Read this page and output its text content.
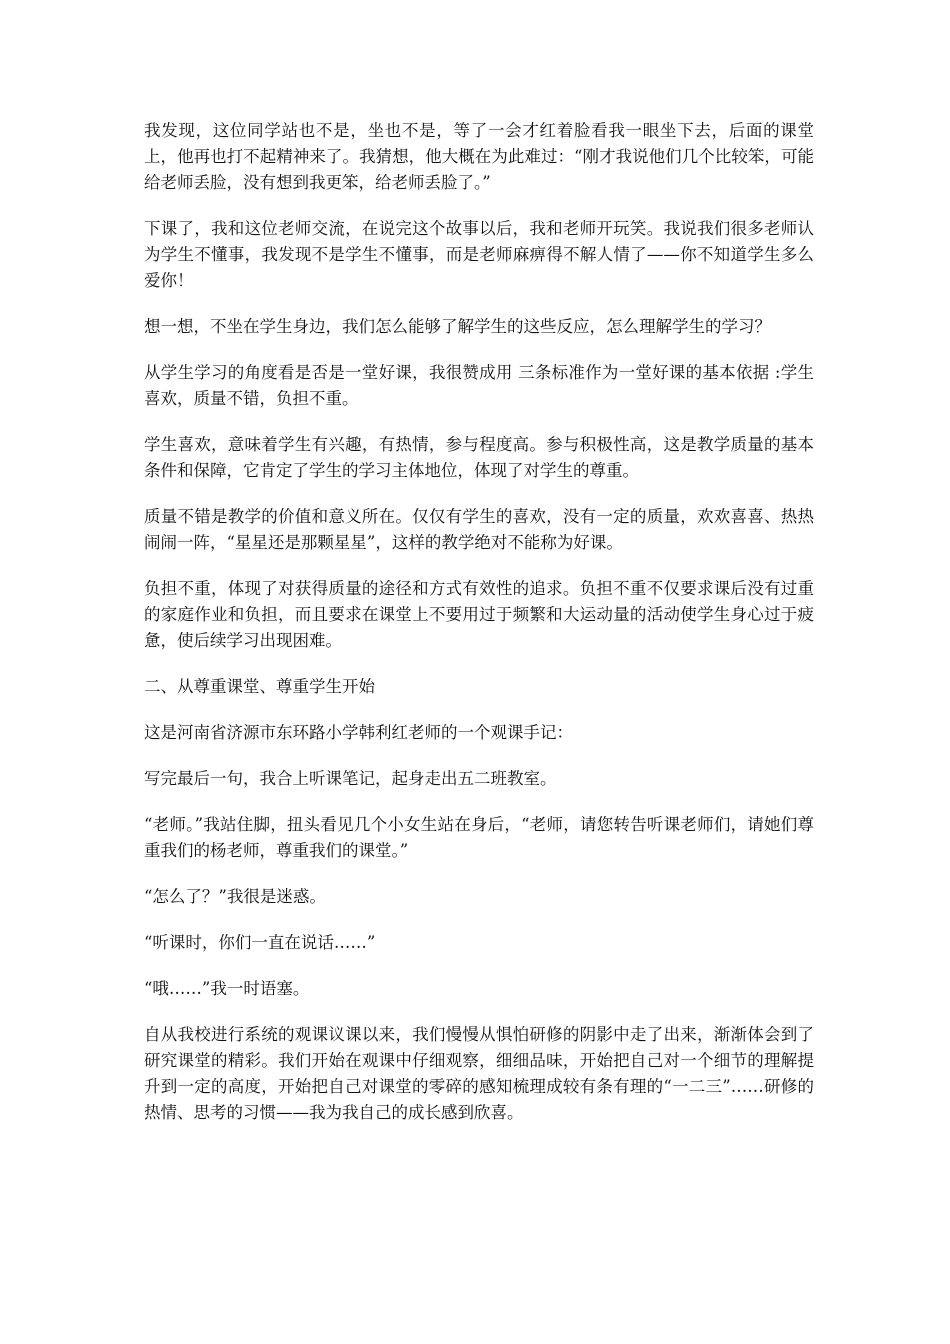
我发现，这位同学站也不是，坐也不是，等了一会才红着脸看我一眼坐下去，后面的课堂上，他再也打不起精神来了。我猜想，他大概在为此难过：“刚才我说他们几个比较笨，可能给老师丢脸，没有想到我更笨，给老师丢脸了。”

下课了，我和这位老师交流，在说完这个故事以后，我和老师开玩笑。我说我们很多老师认为学生不懂事，我发现不是学生不懂事，而是老师麻痹得不解人情了——你不知道学生多么爱你！

想一想，不坐在学生身边，我们怎么能够了解学生的这些反应，怎么理解学生的学习？

从学生学习的角度看是否是一堂好课，我很赞成用 三条标准作为一堂好课的基本依据 :学生喜欢，质量不错，负担不重。

学生喜欢，意味着学生有兴趣，有热情，参与程度高。参与积极性高，这是教学质量的基本条件和保障，它肯定了学生的学习主体地位，体现了对学生的尊重。

质量不错是教学的价值和意义所在。仅仅有学生的喜欢，没有一定的质量，欢欢喜喜、热热闹闹一阵，“星星还是那颗星星”，这样的教学绝对不能称为好课。

负担不重，体现了对获得质量的途径和方式有效性的追求。负担不重不仅要求课后没有过重的家庭作业和负担，而且要求在课堂上不要用过于频繁和大运动量的活动使学生身心过于疲惫，使后续学习出现困难。

二、从尊重课堂、尊重学生开始

这是河南省济源市东环路小学韩利红老师的一个观课手记：

写完最后一句，我合上听课笔记，起身走出五二班教室。

“老师。”我站住脚，扭头看见几个小女生站在身后，“老师，请您转告听课老师们，请她们尊重我们的杨老师，尊重我们的课堂。”

“怎么了？”我很是迷惑。

“听课时，你们一直在说话……”

“哦……”我一时语塞。

自从我校进行系统的观课议课以来，我们慢慢从惧怕研修的阴影中走了出来，渐渐体会到了研究课堂的精彩。我们开始在观课中仔细观察，细细品味，开始把自己对一个细节的理解提升到一定的高度，开始把自己对课堂的零碎的感知梳理成较有条有理的“一二三”……研修的热情、思考的习惯——我为我自己的成长感到欣喜。
